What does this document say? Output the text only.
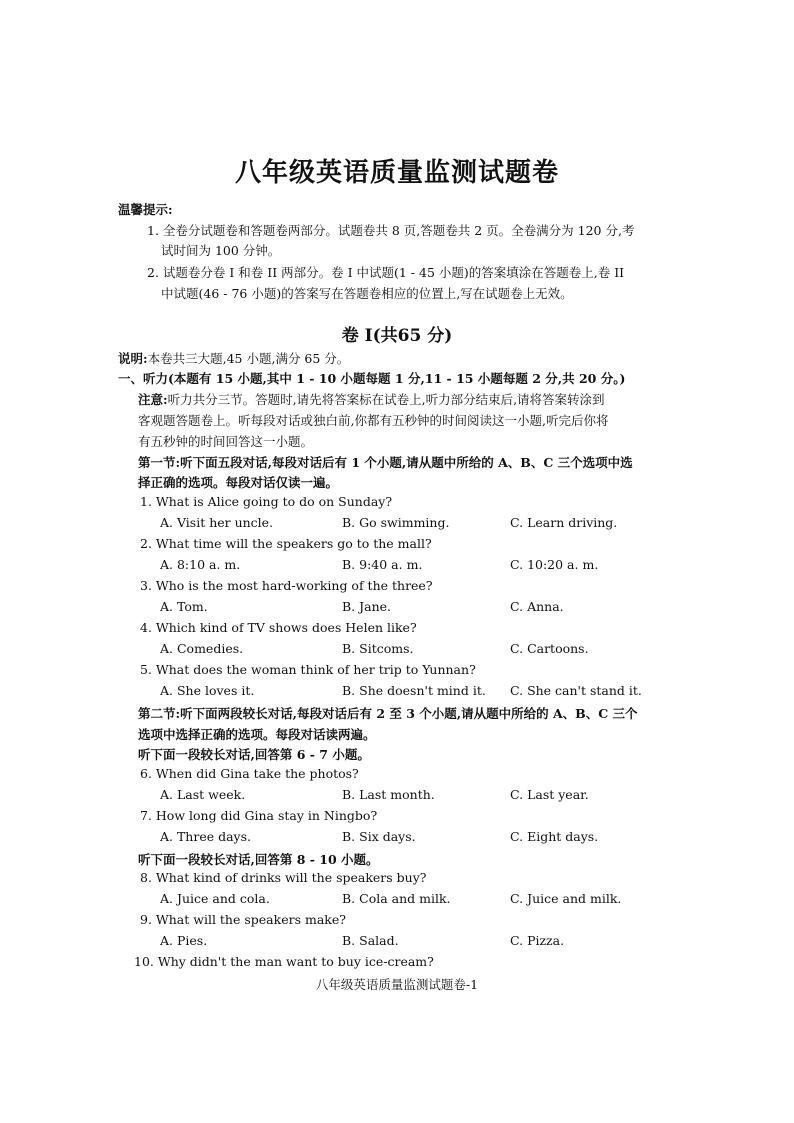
八年级英语质量监测试题卷
温馨提示:
1. 全卷分试题卷和答题卷两部分。试题卷共 8 页,答题卷共 2 页。全卷满分为 120 分,考
试时间为 100 分钟。
2. 试题卷分卷 I 和卷 II 两部分。卷 I 中试题(1 - 45 小题)的答案填涂在答题卷上,卷 II
中试题(46 - 76 小题)的答案写在答题卷相应的位置上,写在试题卷上无效。
卷 I(共65 分)
说明:本卷共三大题,45 小题,满分 65 分。
一、听力(本题有 15 小题,其中 1 - 10 小题每题 1 分,11 - 15 小题每题 2 分,共 20 分。)
注意:听力共分三节。答题时,请先将答案标在试卷上,听力部分结束后,请将答案转涂到
客观题答题卷上。听每段对话或独白前,你都有五秒钟的时间阅读这一小题,听完后你将
有五秒钟的时间回答这一小题。
第一节:听下面五段对话,每段对话后有 1 个小题,请从题中所给的 A、B、C 三个选项中选
择正确的选项。每段对话仅读一遍。
1. What is Alice going to do on Sunday?
A. Visit her uncle.	B. Go swimming.	C. Learn driving.
2. What time will the speakers go to the mall?
A. 8:10 a. m.	B. 9:40 a. m.	C. 10:20 a. m.
3. Who is the most hard-working of the three?
A. Tom.	B. Jane.	C. Anna.
4. Which kind of TV shows does Helen like?
A. Comedies.	B. Sitcoms.	C. Cartoons.
5. What does the woman think of her trip to Yunnan?
A. She loves it.	B. She doesn't mind it. C. She can't stand it.
第二节:听下面两段较长对话,每段对话后有 2 至 3 个小题,请从题中所给的 A、B、C 三个
选项中选择正确的选项。每段对话读两遍。
听下面一段较长对话,回答第 6 - 7 小题。
6. When did Gina take the photos?
A. Last week.	B. Last month.	C. Last year.
7. How long did Gina stay in Ningbo?
A. Three days.	B. Six days.	C. Eight days.
听下面一段较长对话,回答第 8 - 10 小题。
8. What kind of drinks will the speakers buy?
A. Juice and cola.	B. Cola and milk.	C. Juice and milk.
9. What will the speakers make?
A. Pies.	B. Salad.	C. Pizza.
10. Why didn't the man want to buy ice-cream?
八年级英语质量监测试题卷-1
